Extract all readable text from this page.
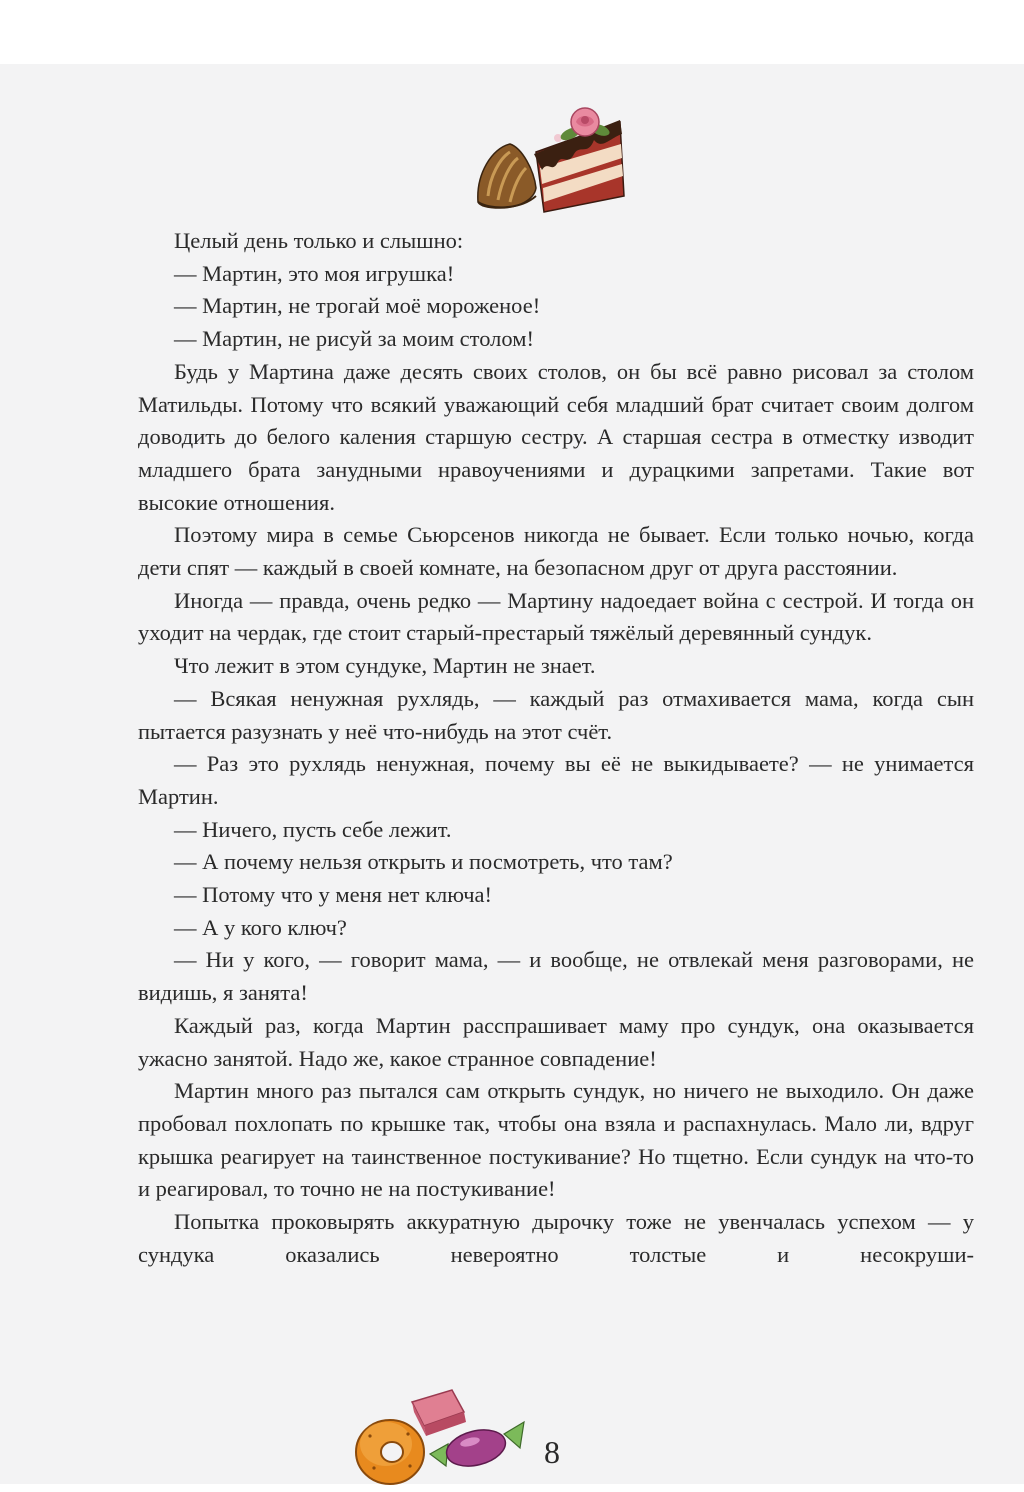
Целый день только и слышно:

— Мартин, это моя игрушка!

— Мартин, не трогай моё мороженое!

— Мартин, не рисуй за моим столом!

Будь у Мартина даже десять своих столов, он бы всё равно рисовал за столом Матильды. Потому что всякий уважающий себя младший брат считает своим долгом доводить до белого каления старшую сестру. А старшая сестра в отместку изводит младшего брата занудными нравоучениями и дурацкими запретами. Такие вот высокие отношения.

Поэтому мира в семье Сьюрсенов никогда не бывает. Если только ночью, когда дети спят — каждый в своей комнате, на безопасном друг от друга расстоянии.

Иногда — правда, очень редко — Мартину надоедает война с сестрой. И тогда он уходит на чердак, где стоит старый-престарый тяжёлый деревянный сундук.

Что лежит в этом сундуке, Мартин не знает.

— Всякая ненужная рухлядь, — каждый раз отмахивается мама, когда сын пытается разузнать у неё что-нибудь на этот счёт.

— Раз это рухлядь ненужная, почему вы её не выкидываете? — не унимается Мартин.

— Ничего, пусть себе лежит.

— А почему нельзя открыть и посмотреть, что там?

— Потому что у меня нет ключа!

— А у кого ключ?

— Ни у кого, — говорит мама, — и вообще, не отвлекай меня разговорами, не видишь, я занята!

Каждый раз, когда Мартин расспрашивает маму про сундук, она оказывается ужасно занятой. Надо же, какое странное совпадение!

Мартин много раз пытался сам открыть сундук, но ничего не выходило. Он даже пробовал похлопать по крышке так, чтобы она взяла и распахнулась. Мало ли, вдруг крышка реагирует на таинственное постукивание? Но тщетно. Если сундук на что-то и реагировал, то точно не на постукивание!

Попытка проковырять аккуратную дырочку тоже не увенчалась успехом — у сундука оказались невероятно толстые и несокруши-

8
